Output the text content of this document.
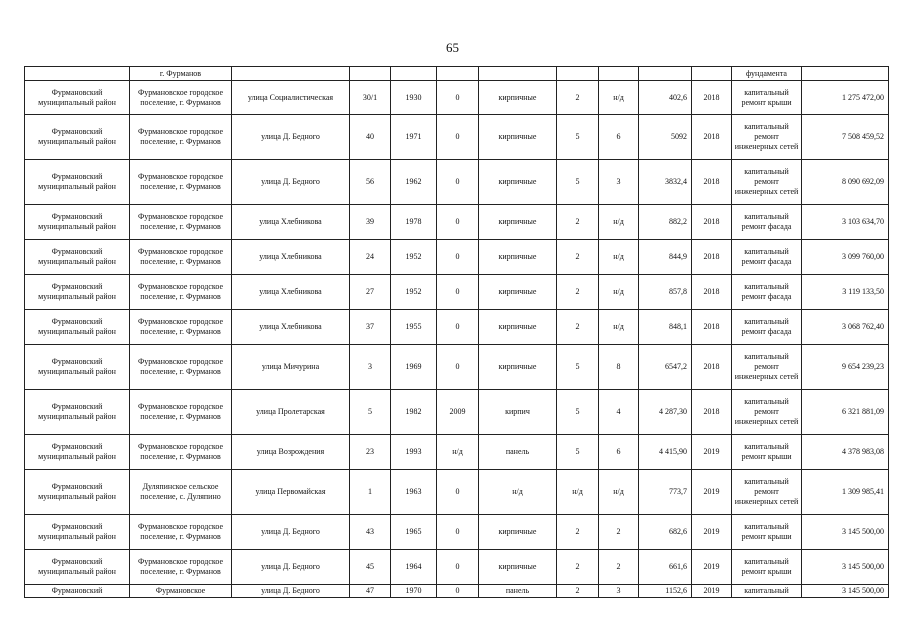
65
	г. Фурманов										фундамента	
Фурмановский муниципальный район	Фурмановское городское поселение, г. Фурманов	улица Социалистическая	30/1	1930	0	кирпичные	2	н/д	402,6	2018	капитальный ремонт крыши	1 275 472,00
Фурмановский муниципальный район	Фурмановское городское поселение, г. Фурманов	улица Д. Бедного	40	1971	0	кирпичные	5	6	5092	2018	капитальный ремонт инженерных сетей	7 508 459,52
Фурмановский муниципальный район	Фурмановское городское поселение, г. Фурманов	улица Д. Бедного	56	1962	0	кирпичные	5	3	3832,4	2018	капитальный ремонт инженерных сетей	8 090 692,09
Фурмановский муниципальный район	Фурмановское городское поселение, г. Фурманов	улица Хлебникова	39	1978	0	кирпичные	2	н/д	882,2	2018	капитальный ремонт фасада	3 103 634,70
Фурмановский муниципальный район	Фурмановское городское поселение, г. Фурманов	улица Хлебникова	24	1952	0	кирпичные	2	н/д	844,9	2018	капитальный ремонт фасада	3 099 760,00
Фурмановский муниципальный район	Фурмановское городское поселение, г. Фурманов	улица Хлебникова	27	1952	0	кирпичные	2	н/д	857,8	2018	капитальный ремонт фасада	3 119 133,50
Фурмановский муниципальный район	Фурмановское городское поселение, г. Фурманов	улица Хлебникова	37	1955	0	кирпичные	2	н/д	848,1	2018	капитальный ремонт фасада	3 068 762,40
Фурмановский муниципальный район	Фурмановское городское поселение, г. Фурманов	улица Мичурина	3	1969	0	кирпичные	5	8	6547,2	2018	капитальный ремонт инженерных сетей	9 654 239,23
Фурмановский муниципальный район	Фурмановское городское поселение, г. Фурманов	улица Пролетарская	5	1982	2009	кирпич	5	4	4 287,30	2018	капитальный ремонт инженерных сетей	6 321 881,09
Фурмановский муниципальный район	Фурмановское городское поселение, г. Фурманов	улица Возрождения	23	1993	н/д	панель	5	6	4 415,90	2019	капитальный ремонт крыши	4 378 983,08
Фурмановский муниципальный район	Дуляпинское сельское поселение, с. Дуляпино	улица Первомайская	1	1963	0	н/д	н/д	н/д	773,7	2019	капитальный ремонт инженерных сетей	1 309 985,41
Фурмановский муниципальный район	Фурмановское городское поселение, г. Фурманов	улица Д. Бедного	43	1965	0	кирпичные	2	2	682,6	2019	капитальный ремонт крыши	3 145 500,00
Фурмановский муниципальный район	Фурмановское городское поселение, г. Фурманов	улица Д. Бедного	45	1964	0	кирпичные	2	2	661,6	2019	капитальный ремонт крыши	3 145 500,00
Фурмановский	Фурмановское	улица Д. Бедного	47	1970	0	панель	2	3	1152,6	2019	капитальный	3 145 500,00
